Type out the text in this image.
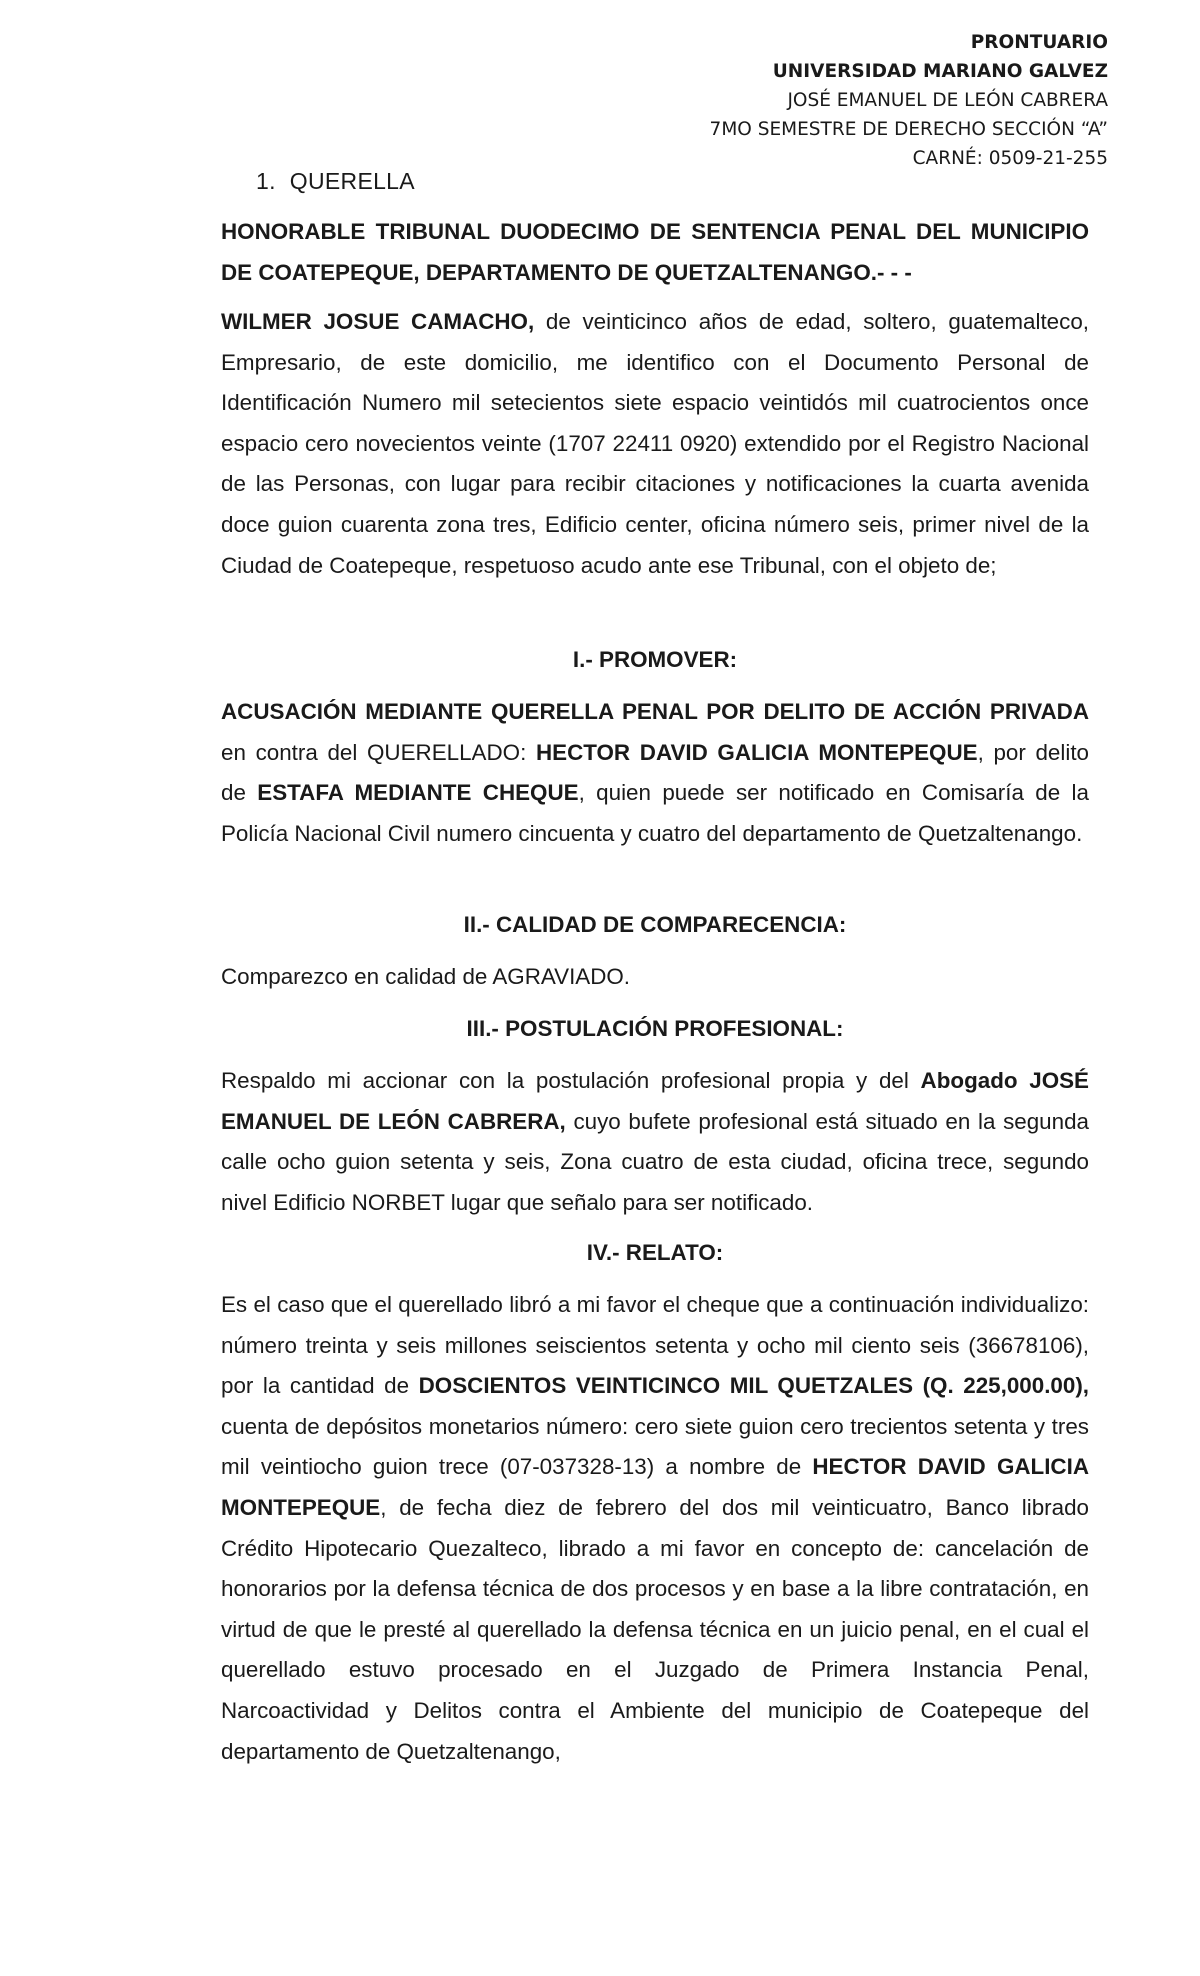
PRONTUARIO
UNIVERSIDAD MARIANO GALVEZ
JOSÉ EMANUEL DE LEÓN CABRERA
7MO SEMESTRE DE DERECHO SECCIÓN “A”
CARNÉ: 0509-21-255
1. QUERELLA

HONORABLE TRIBUNAL DUODECIMO DE SENTENCIA PENAL DEL MUNICIPIO DE COATEPEQUE, DEPARTAMENTO DE QUETZALTENANGO.- - -

WILMER JOSUE CAMACHO, de veinticinco años de edad, soltero, guatemalteco, Empresario, de este domicilio, me identifico con el Documento Personal de Identificación Numero mil setecientos siete espacio veintidós mil cuatrocientos once espacio cero novecientos veinte (1707 22411 0920) extendido por el Registro Nacional de las Personas, con lugar para recibir citaciones y notificaciones la cuarta avenida doce guion cuarenta zona tres, Edificio center, oficina número seis, primer nivel de la Ciudad de Coatepeque, respetuoso acudo ante ese Tribunal, con el objeto de;

I.- PROMOVER:

ACUSACIÓN MEDIANTE QUERELLA PENAL POR DELITO DE ACCIÓN PRIVADA en contra del QUERELLADO: HECTOR DAVID GALICIA MONTEPEQUE, por delito de ESTAFA MEDIANTE CHEQUE, quien puede ser notificado en Comisaría de la Policía Nacional Civil numero cincuenta y cuatro del departamento de Quetzaltenango.

II.- CALIDAD DE COMPARECENCIA:

Comparezco en calidad de AGRAVIADO.

III.- POSTULACIÓN PROFESIONAL:

Respaldo mi accionar con la postulación profesional propia y del Abogado JOSÉ EMANUEL DE LEÓN CABRERA, cuyo bufete profesional está situado en la segunda calle ocho guion setenta y seis, Zona cuatro de esta ciudad, oficina trece, segundo nivel Edificio NORBET lugar que señalo para ser notificado.

IV.- RELATO:

Es el caso que el querellado libró a mi favor el cheque que a continuación individualizo: número treinta y seis millones seiscientos setenta y ocho mil ciento seis (36678106), por la cantidad de DOSCIENTOS VEINTICINCO MIL QUETZALES (Q. 225,000.00), cuenta de depósitos monetarios número: cero siete guion cero trecientos setenta y tres mil veintiocho guion trece (07-037328-13) a nombre de HECTOR DAVID GALICIA MONTEPEQUE, de fecha diez de febrero del dos mil veinticuatro, Banco librado Crédito Hipotecario Quezalteco, librado a mi favor en concepto de: cancelación de honorarios por la defensa técnica de dos procesos y en base a la libre contratación, en virtud de que le presté al querellado la defensa técnica en un juicio penal, en el cual el querellado estuvo procesado en el Juzgado de Primera Instancia Penal, Narcoactividad y Delitos contra el Ambiente del municipio de Coatepeque del departamento de Quetzaltenango,
